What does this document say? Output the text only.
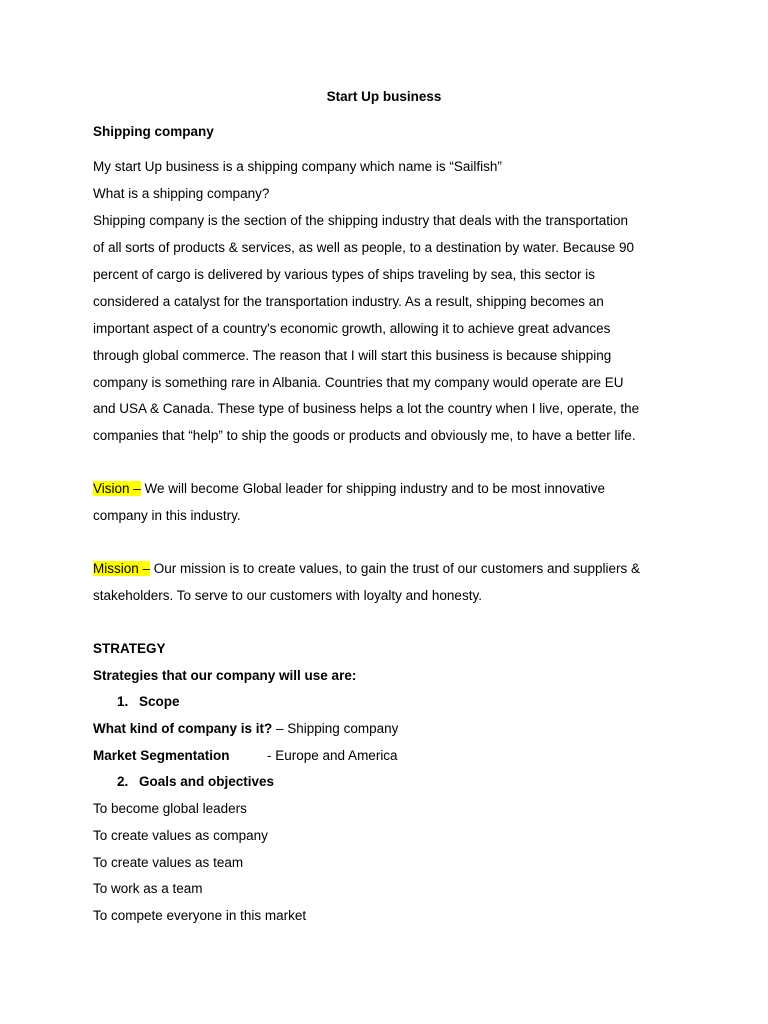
Start Up business
Shipping company
My start Up business is a shipping company which name is “Sailfish”
What is a shipping company?
Shipping company is the section of the shipping industry that deals with the transportation
of all sorts of products & services, as well as people, to a destination by water. Because 90
percent of cargo is delivered by various types of ships traveling by sea, this sector is
considered a catalyst for the transportation industry. As a result, shipping becomes an
important aspect of a country's economic growth, allowing it to achieve great advances
through global commerce. The reason that I will start this business is because shipping
company is something rare in Albania. Countries that my company would operate are EU
and USA & Canada. These type of business helps a lot the country when I live, operate, the
companies that “help” to ship the goods or products and obviously me, to have a better life.
Vision – We will become Global leader for shipping industry and to be most innovative
company in this industry.
Mission – Our mission is to create values, to gain the trust of our customers and suppliers &
stakeholders. To serve to our customers with loyalty and honesty.
STRATEGY
Strategies that our company will use are:
1. Scope
What kind of company is it? – Shipping company
Market Segmentation	- Europe and America
2. Goals and objectives
To become global leaders
To create values as company
To create values as team
To work as a team
To compete everyone in this market
